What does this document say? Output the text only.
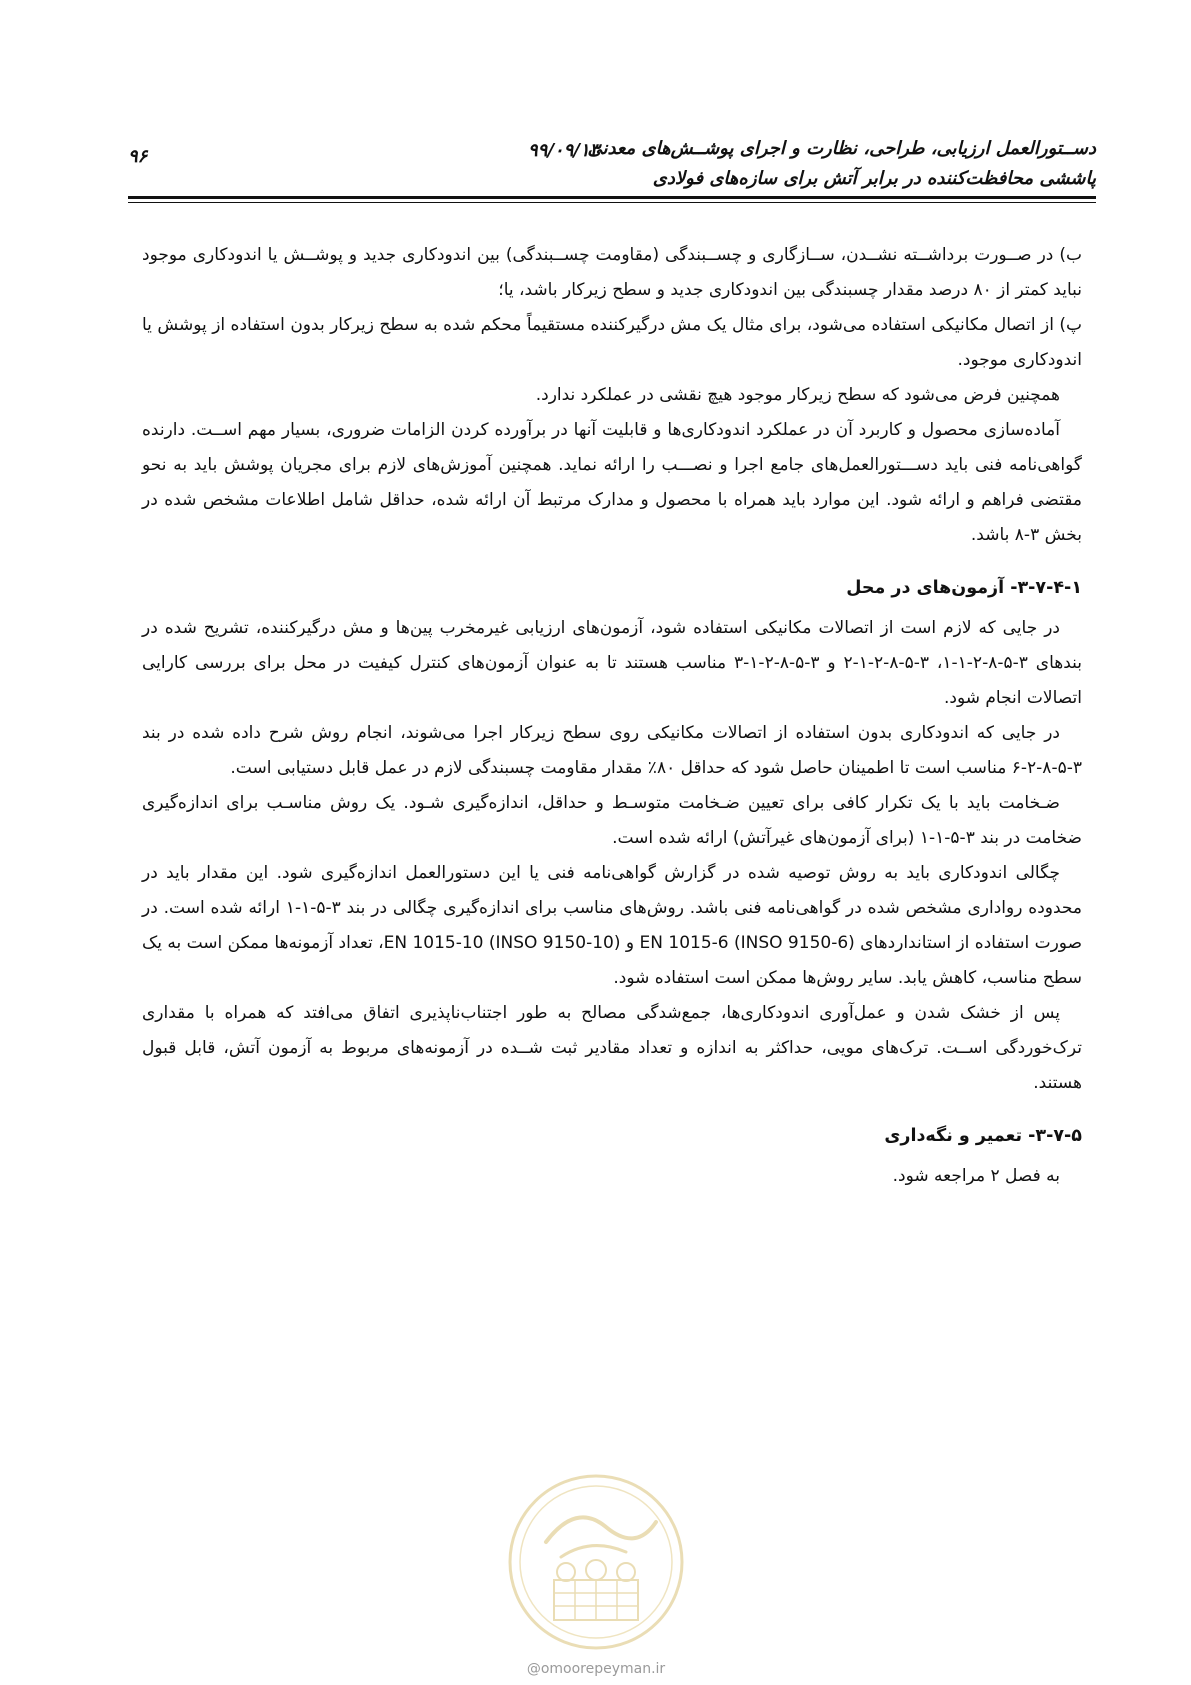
دســتورالعمل ارزیابی، طراحی، نظارت و اجرای پوشــش‌های معدنی
پاششی محافظت‌کننده در برابر آتش برای سازه‌های فولادی
۹۹/۰۹/۱۳
۹۶

ب) در صــورت برداشــته نشــدن، ســازگاری و چســبندگی (مقاومت چســبندگی) بین اندودکاری جدید و پوشــش یا اندودکاری موجود نباید کمتر از ۸۰ درصد مقدار چسبندگی بین اندودکاری جدید و سطح زیرکار باشد، یا؛

پ) از اتصال مکانیکی استفاده می‌شود، برای مثال یک مش درگیرکننده مستقیماً محکم شده به سطح زیرکار بدون استفاده از پوشش یا اندودکاری موجود.

همچنین فرض می‌شود که سطح زیرکار موجود هیچ نقشی در عملکرد ندارد.

آماده‌سازی محصول و کاربرد آن در عملکرد اندودکاری‌ها و قابلیت آنها در برآورده کردن الزامات ضروری، بسیار مهم اســت. دارنده گواهی‌نامه فنی باید دســـتورالعمل‌های جامع اجرا و نصـــب را ارائه نماید. همچنین آموزش‌های لازم برای مجریان پوشش باید به نحو مقتضی فراهم و ارائه شود. این موارد باید همراه با محصول و مدارک مرتبط آن ارائه شده، حداقل شامل اطلاعات مشخص شده در بخش ۳-۸ باشد.

۳-۷-۴-۱- آزمون‌های در محل

در جایی که لازم است از اتصالات مکانیکی استفاده شود، آزمون‌های ارزیابی غیرمخرب پین‌ها و مش درگیرکننده، تشریح شده در بندهای ۳-۵-۸-۲-۱-۱، ۳-۵-۸-۲-۱-۲ و ۳-۵-۸-۲-۱-۳ مناسب هستند تا به عنوان آزمون‌های کنترل کیفیت در محل برای بررسی کارایی اتصالات انجام شود.

در جایی که اندودکاری بدون استفاده از اتصالات مکانیکی روی سطح زیرکار اجرا می‌شوند، انجام روش شرح داده شده در بند ۳-۵-۸-۲-۶ مناسب است تا اطمینان حاصل شود که حداقل ۸۰٪ مقدار مقاومت چسبندگی لازم در عمل قابل دستیابی است.

ضـخامت باید با یک تکرار کافی برای تعیین ضـخامت متوسـط و حداقل، اندازه‌گیری شـود. یک روش مناسـب برای اندازه‌گیری ضخامت در بند ۳-۵-۱-۱ (برای آزمون‌های غیرآتش) ارائه شده است.

چگالی اندودکاری باید به روش توصیه شده در گزارش گواهی‌نامه فنی یا این دستورالعمل اندازه‌گیری شود. این مقدار باید در محدوده رواداری مشخص شده در گواهی‌نامه فنی باشد. روش‌های مناسب برای اندازه‌گیری چگالی در بند ۳-۵-۱-۱ ارائه شده است. در صورت استفاده از استانداردهای EN 1015-6 (INSO 9150-6) و EN 1015-10 (INSO 9150-10)، تعداد آزمونه‌ها ممکن است به یک سطح مناسب، کاهش یابد. سایر روش‌ها ممکن است استفاده شود.

پس از خشک شدن و عمل‌آوری اندودکاری‌ها، جمع‌شدگی مصالح به طور اجتناب‌ناپذیری اتفاق می‌افتد که همراه با مقداری ترک‌خوردگی اســت. ترک‌های مویی، حداکثر به اندازه و تعداد مقادیر ثبت شــده در آزمونه‌های مربوط به آزمون آتش، قابل قبول هستند.

۳-۷-۵- تعمیر و نگه‌داری

به فصل ۲ مراجعه شود.

@omoorepeyman.ir
